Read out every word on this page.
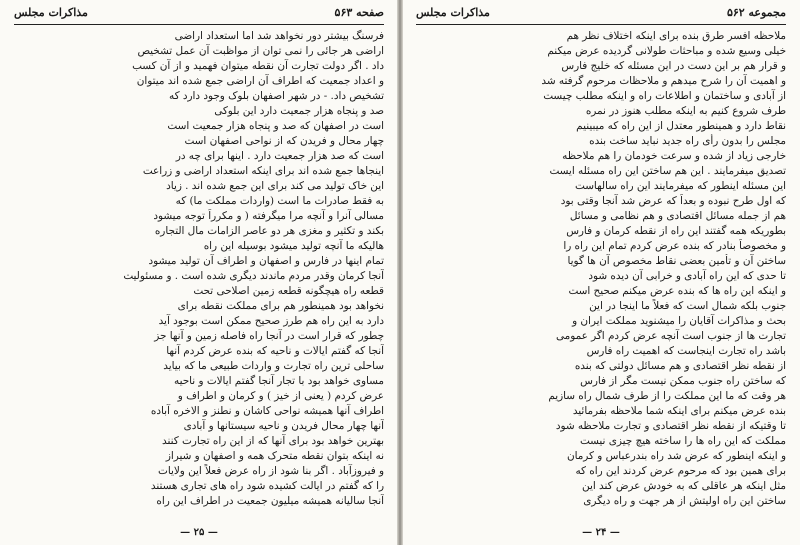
صفحه ۵۶۳
مذاکرات مجلس
فرسنگ بیشتر دور نخواهد شد اما استعداد اراضی
اراضی هر جائی را نمی توان از مواظبت آن عمل تشخیص
داد . اگر دولت تجارت آن نقطه میتوان فهمید و از آن کسب
و اعداد جمعیت که اطراف آن اراضی جمع شده اند میتوان
تشخیص داد. - در شهر اصفهان بلوک وجود دارد که
صد و پنجاه هزار جمعیت دارد این بلوکی
است در اصفهان که صد و پنجاه هزار جمعیت است
چهار محال و فریدن که از نواحی اصفهان است
است که صد هزار جمعیت دارد . اینها برای چه در
اینجاها جمع شده اند برای اینکه استعداد اراضی و زراعت
این خاک تولید می کند برای این جمع شده اند . زیاد
به فقط صادرات ما است (واردات مملکت ما) که
مسالی آنرا و آنچه مرا میگرفته ( و مکرراً توجه میشود
بکند و تکثیر و مغزی هر دو عاصر الزامات مال التجاره
هالیکه ما آنچه تولید میشود بوسیله این راه
تمام اینها در فارس و اصفهان و اطراف آن تولید میشود
آنجا کرمان وقدر مردم ماندند دیگری شده است . و مسئولیت
قطعه راه هیچگونه قطعه زمین اصلاحی تحت
نخواهد بود همینطور هم برای مملکت نقطه برای
دارد به این راه هم طرز صحیح ممکن است بوجود آید
چطور که قرار است در آنجا راه فاصله زمین و آنها جز
آنجا که گفتم ایالات و ناحیه که بنده عرض کردم آنها
ساحلی ترین راه تجارت و واردات طبیعی ما که بیاید
مساوی خواهد بود با تجار آنجا گفتم ایالات و ناحیه
عرض کردم ( یعنی از خیز ) و کرمان و اطراف و
اطراف آنها همیشه نواحی کاشان و نطنز و الاخره آباده
آنها چهار محال فریدن و ناحیه سیستانها و آبادی
بهترین خواهد بود برای آنها که از این راه تجارت کنند
نه اینکه بتوان نقطه متحرک همه و اصفهان و شیراز
و فیروزآباد . اگر بنا شود از راه عرض فعلاً این ولایات
را که گفتم در ایالت کشیده شود راه های تجاری هستند
آنجا سالیانه همیشه میلیون جمعیت در اطراف این راه
— ۲۵ —
مجموعه ۵۶۲
مذاکرات مجلس
ملاحظه افسر طرق بنده برای اینکه اختلاف نظر هم
خیلی وسیع شده و مباحثات طولانی گردیده عرض میکنم
و قرار هم بر این دست در این مسئله که خلیج فارس
و اهمیت آن را شرح میدهم و ملاحظات مرحوم گرفته شد
از آبادی و ساختمان و اطلاعات راه و اینکه مطلب چیست
طرف شروع کنیم به اینکه مطلب هنوز در نمره
نقاط دارد و همینطور معتدل از این راه که میبینیم
مجلس را بدون رأی راه جدید نباید ساخت بنده
خارجی زیاد از شده و سرعت خودمان را هم ملاحظه
تصدیق میفرمایند . این هم ساختن این راه مسئله ایست
این مسئله اینطور که میفرمایند این راه سالهاست
که اول طرح نبوده و بعداً که عرض شد آنجا وقتی بود
هم از جمله مسائل اقتصادی و هم نظامی و مسائل
بطوریکه همه گفتند این راه از نقطه کرمان و فارس
و مخصوصاً بنادر که بنده عرض کردم تمام این راه را
ساختن آن و تأمین بعضی نقاط مخصوص آن ها گویا
تا حدی که این راه آبادی و خرابی آن دیده شود
و اینکه این راه ها که بنده عرض میکنم صحیح است
جنوب بلکه شمال است که فعلاً ما اینجا در این
بحث و مذاکرات آقایان را میشنوید مملکت ایران و
تجارت ها از جنوب است آنچه عرض کردم اگر عمومی
باشد راه تجارت اینجاست که اهمیت راه فارس
از نقطه نظر اقتصادی و هم مسائل دولتی که بنده
که ساختن راه جنوب ممکن نیست مگر از فارس
هر وقت که ما این مملکت را از طرف شمال راه سازیم
بنده عرض میکنم برای اینکه شما ملاحظه بفرمائید
تا وقتیکه از نقطه نظر اقتصادی و تجارت ملاحظه شود
مملکت که این راه ها را ساخته هیچ چیزی نیست
و اینکه اینطور که عرض شد راه بندرعباس و کرمان
برای همین بود که مرحوم عرض کردند این راه که
مثل اینکه هر عاقلی که به خودش عرض کند این
ساختن این راه اولیتش از هر جهت و راه دیگری
— ۲۴ —
